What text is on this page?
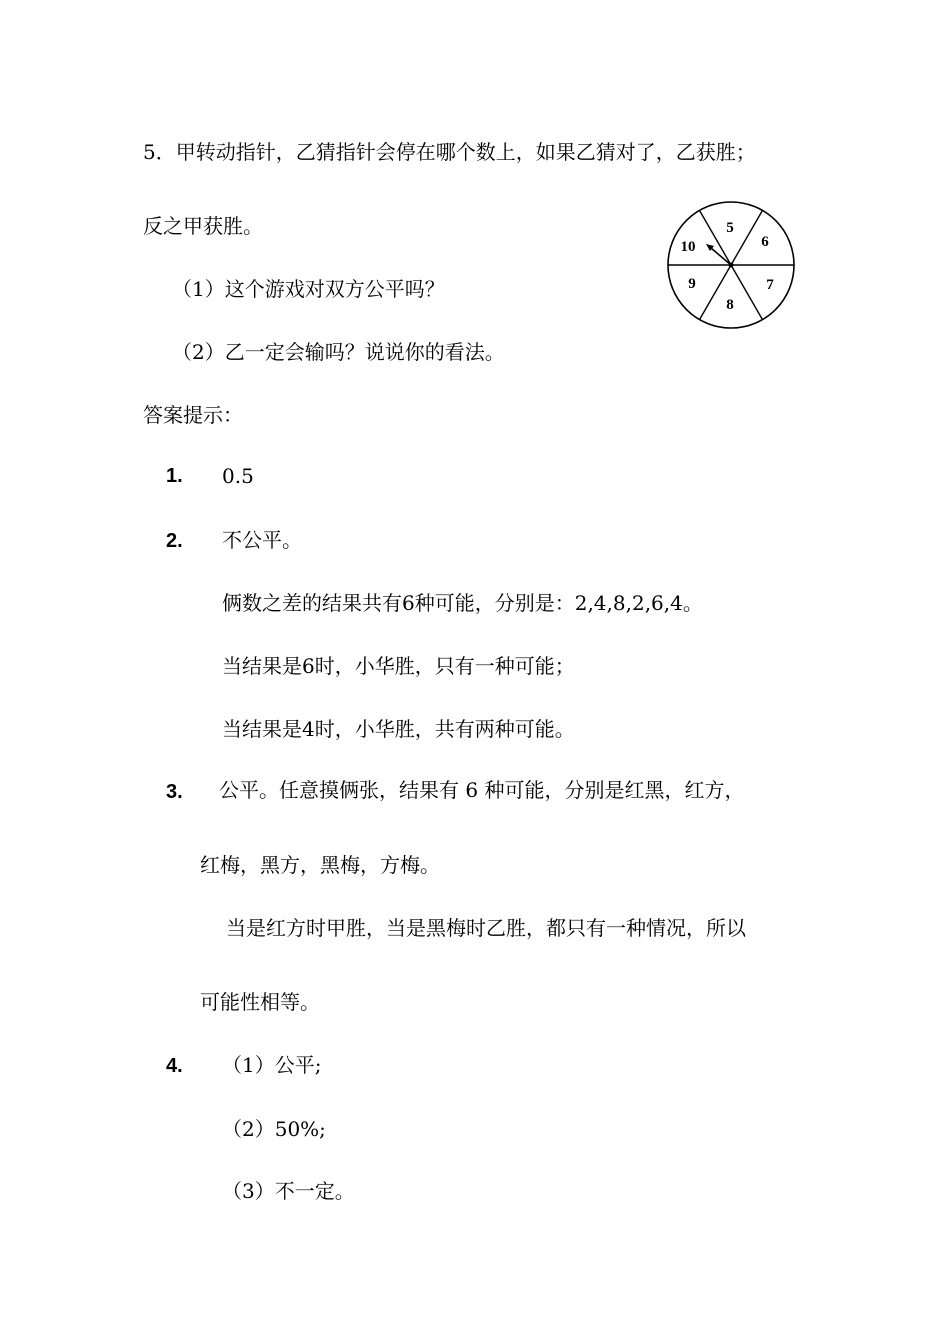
5．甲转动指针，乙猜指针会停在哪个数上，如果乙猜对了，乙获胜；
反之甲获胜。
（1）这个游戏对双方公平吗？
（2）乙一定会输吗？说说你的看法。
5
6
7
8
9
10
答案提示：
1. 0.5
2. 不公平。
俩数之差的结果共有6种可能，分别是：2,4,8,2,6,4。
当结果是6时，小华胜，只有一种可能；
当结果是4时，小华胜，共有两种可能。
3. 公平。任意摸俩张，结果有 6 种可能，分别是红黑，红方，
红梅，黑方，黑梅，方梅。
当是红方时甲胜，当是黑梅时乙胜，都只有一种情况，所以
可能性相等。
4. （1）公平;
（2）50%;
（3）不一定。
